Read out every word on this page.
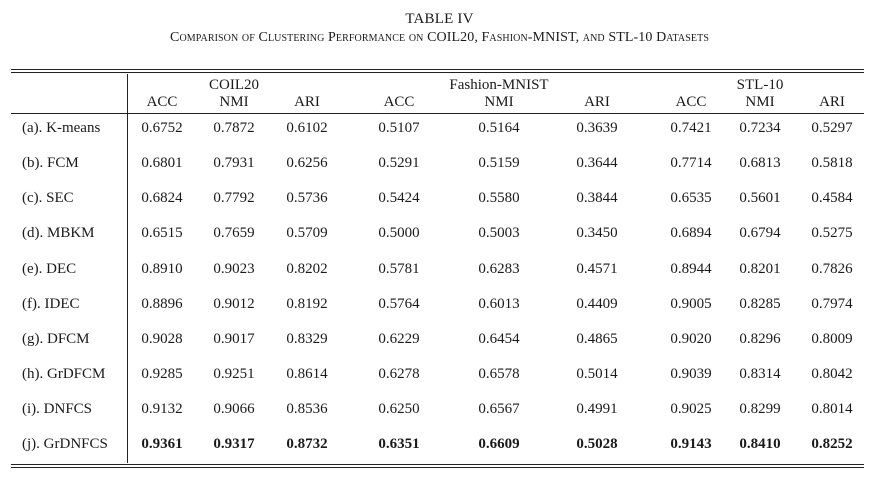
TABLE IV
Comparison of Clustering Performance on COIL20, Fashion-MNIST, and STL-10 Datasets
COIL20	Fashion-MNIST	STL-10
ACC	NMI	ARI	ACC	NMI	ARI	ACC	NMI	ARI
(a). K-means	0.6752 0.7872 0.6102	0.5107	0.5164	0.3639	0.7421 0.7234 0.5297
(b). FCM	0.6801 0.7931 0.6256	0.5291	0.5159	0.3644	0.7714 0.6813 0.5818
(c). SEC	0.6824 0.7792 0.5736	0.5424	0.5580	0.3844	0.6535 0.5601 0.4584
(d). MBKM	0.6515 0.7659 0.5709	0.5000	0.5003	0.3450	0.6894 0.6794 0.5275
(e). DEC	0.8910 0.9023 0.8202	0.5781	0.6283	0.4571	0.8944 0.8201 0.7826
(f). IDEC	0.8896 0.9012 0.8192	0.5764	0.6013	0.4409	0.9005 0.8285 0.7974
(g). DFCM	0.9028 0.9017 0.8329	0.6229	0.6454	0.4865	0.9020 0.8296 0.8009
(h). GrDFCM 0.9285 0.9251 0.8614	0.6278	0.6578	0.5014	0.9039 0.8314 0.8042
(i). DNFCS	0.9132 0.9066 0.8536	0.6250	0.6567	0.4991	0.9025 0.8299 0.8014
(j). GrDNFCS 0.9361 0.9317 0.8732	0.6351	0.6609	0.5028	0.9143 0.8410 0.8252
